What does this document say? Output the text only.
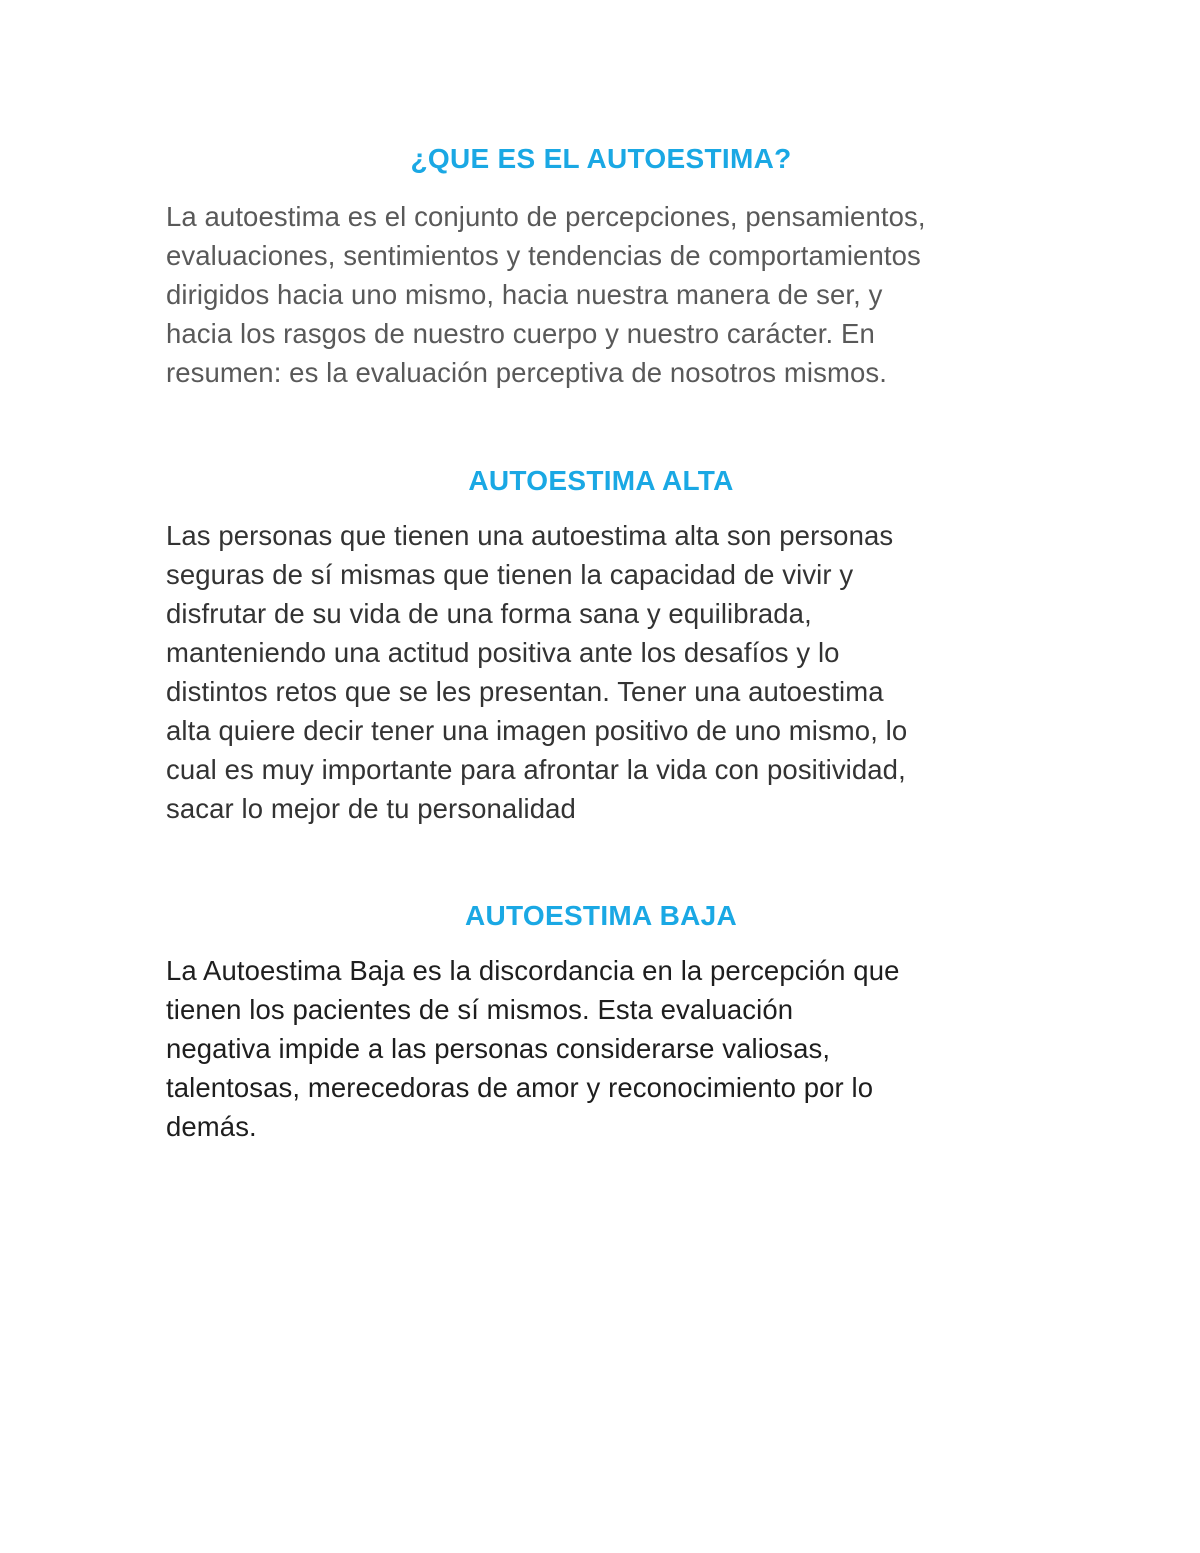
¿QUE ES EL AUTOESTIMA?

La autoestima es el conjunto de percepciones, pensamientos,
evaluaciones, sentimientos y tendencias de comportamientos
dirigidos hacia uno mismo, hacia nuestra manera de ser, y
hacia los rasgos de nuestro cuerpo y nuestro carácter. En
resumen: es la evaluación perceptiva de nosotros mismos.

AUTOESTIMA ALTA

Las personas que tienen una autoestima alta son personas
seguras de sí mismas que tienen la capacidad de vivir y
disfrutar de su vida de una forma sana y equilibrada,
manteniendo una actitud positiva ante los desafíos y lo
distintos retos que se les presentan. Tener una autoestima
alta quiere decir tener una imagen positivo de uno mismo, lo
cual es muy importante para afrontar la vida con positividad,
sacar lo mejor de tu personalidad

AUTOESTIMA BAJA

La Autoestima Baja es la discordancia en la percepción que
tienen los pacientes de sí mismos. Esta evaluación
negativa impide a las personas considerarse valiosas,
talentosas, merecedoras de amor y reconocimiento por lo
demás.
